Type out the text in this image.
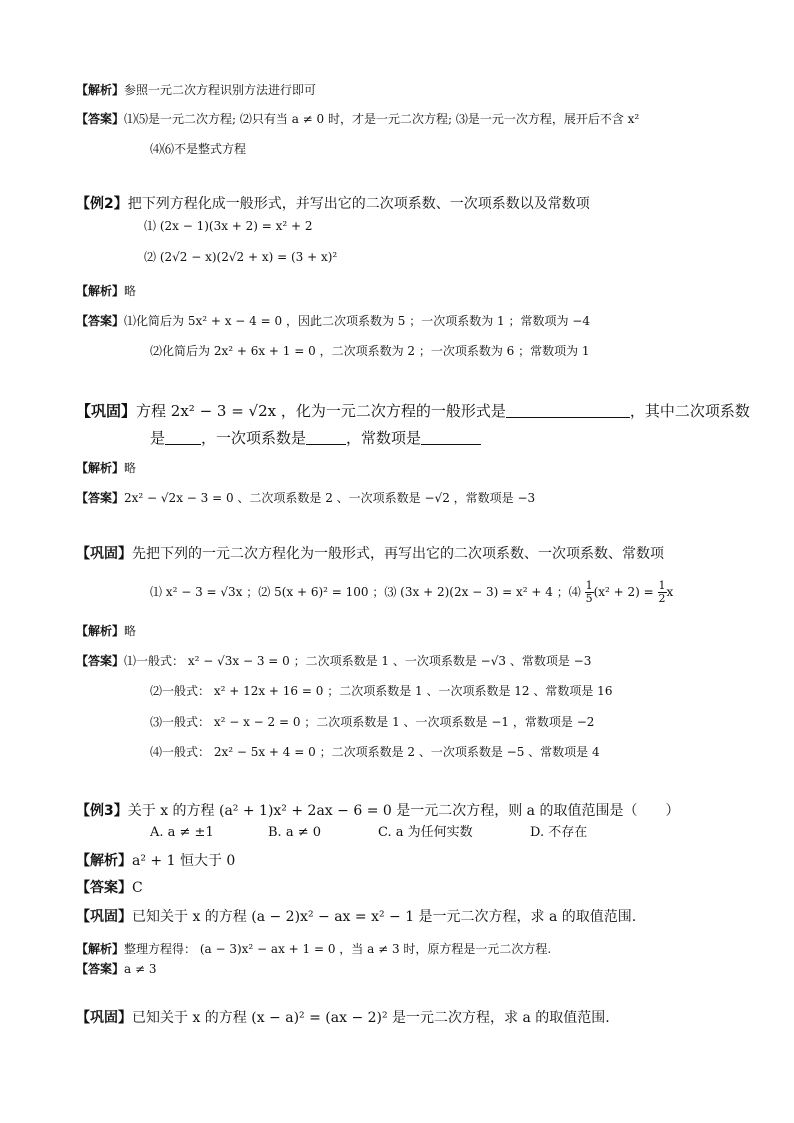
【解析】参照一元二次方程识别方法进行即可
【答案】⑴⑸是一元二次方程; ⑵只有当 a ≠ 0 时，才是一元二次方程; ⑶是一元一次方程，展开后不含 x²
⑷⑹不是整式方程
【例2】把下列方程化成一般形式，并写出它的二次项系数、一次项系数以及常数项
⑴ (2x − 1)(3x + 2) = x² + 2
⑵ (2√2 − x)(2√2 + x) = (3 + x)²
【解析】略
【答案】⑴化简后为 5x² + x − 4 = 0 ，因此二次项系数为 5 ；一次项系数为 1 ；常数项为 −4
⑵化简后为 2x² + 6x + 1 = 0 ，二次项系数为 2 ；一次项系数为 6 ；常数项为 1
【巩固】方程 2x² − 3 = √2x ，化为一元二次方程的一般形式是	，其中二次项系数
是 ，一次项系数是	，常数项是
【解析】略
【答案】2x² − √2x − 3 = 0 、二次项系数是 2 、一次项系数是 −√2 ，常数项是 −3
【巩固】先把下列的一元二次方程化为一般形式，再写出它的二次项系数、一次项系数、常数项
⑴ x² − 3 = √3x ；⑵ 5(x + 6)² = 100 ；⑶ (3x + 2)(2x − 3) = x² + 4 ；⑷ $\frac{1}{5} (x^2 + 2) = \frac{1}{2}$ x
【解析】略
【答案】⑴一般式： x² − √3x − 3 = 0 ；二次项系数是 1 、一次项系数是 −√3 、常数项是 −3
⑵一般式： x² + 12x + 16 = 0 ；二次项系数是 1 、一次项系数是 12 、常数项是 16
⑶一般式： x² − x − 2 = 0 ；二次项系数是 1 、一次项系数是 −1 ，常数项是 −2
⑷一般式： 2x² − 5x + 4 = 0 ；二次项系数是 2 、一次项系数是 −5 、常数项是 4
【例3】关于 x 的方程 (a² + 1)x² + 2ax − 6 = 0 是一元二次方程，则 a 的取值范围是（　　）
A. a ≠ ±1	B. a ≠ 0	C. a 为任何实数	D. 不存在
【解析】a² + 1 恒大于 0
【答案】C
【巩固】已知关于 x 的方程 (a − 2)x² − ax = x² − 1 是一元二次方程，求 a 的取值范围.
【解析】整理方程得： (a − 3)x² − ax + 1 = 0 ，当 a ≠ 3 时，原方程是一元二次方程.
【答案】a ≠ 3
【巩固】已知关于 x 的方程 (x − a)² = (ax − 2)² 是一元二次方程，求 a 的取值范围.
